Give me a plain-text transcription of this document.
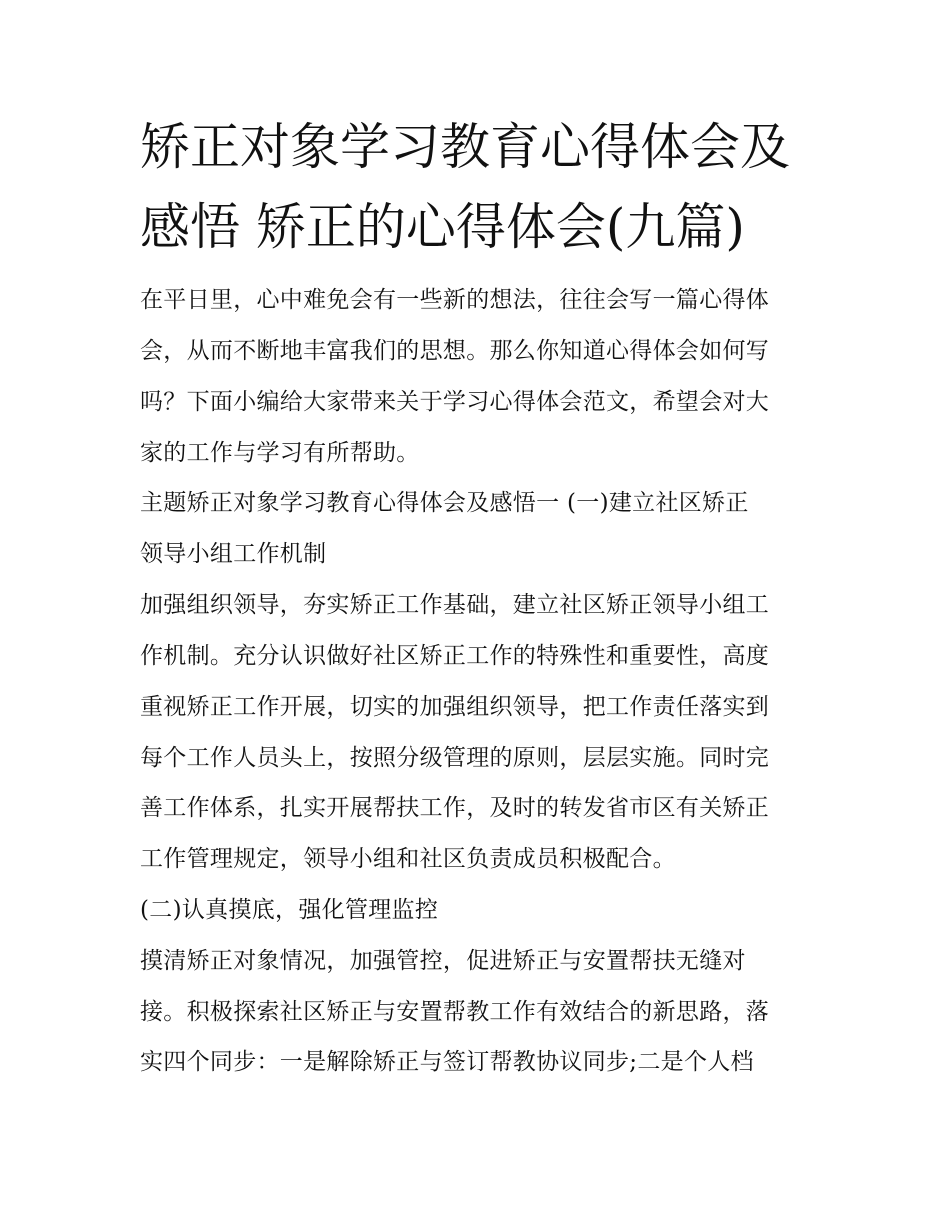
矫正对象学习教育心得体会及
感悟 矫正的心得体会(九篇)
在平日里，心中难免会有一些新的想法，往往会写一篇心得体
会，从而不断地丰富我们的思想。那么你知道心得体会如何写
吗？下面小编给大家带来关于学习心得体会范文，希望会对大
家的工作与学习有所帮助。
主题矫正对象学习教育心得体会及感悟一 (一)建立社区矫正
领导小组工作机制
加强组织领导，夯实矫正工作基础，建立社区矫正领导小组工
作机制。充分认识做好社区矫正工作的特殊性和重要性，高度
重视矫正工作开展，切实的加强组织领导，把工作责任落实到
每个工作人员头上，按照分级管理的原则，层层实施。同时完
善工作体系，扎实开展帮扶工作，及时的转发省市区有关矫正
工作管理规定，领导小组和社区负责成员积极配合。
(二)认真摸底，强化管理监控
摸清矫正对象情况，加强管控，促进矫正与安置帮扶无缝对
接。积极探索社区矫正与安置帮教工作有效结合的新思路，落
实四个同步：一是解除矫正与签订帮教协议同步;二是个人档
